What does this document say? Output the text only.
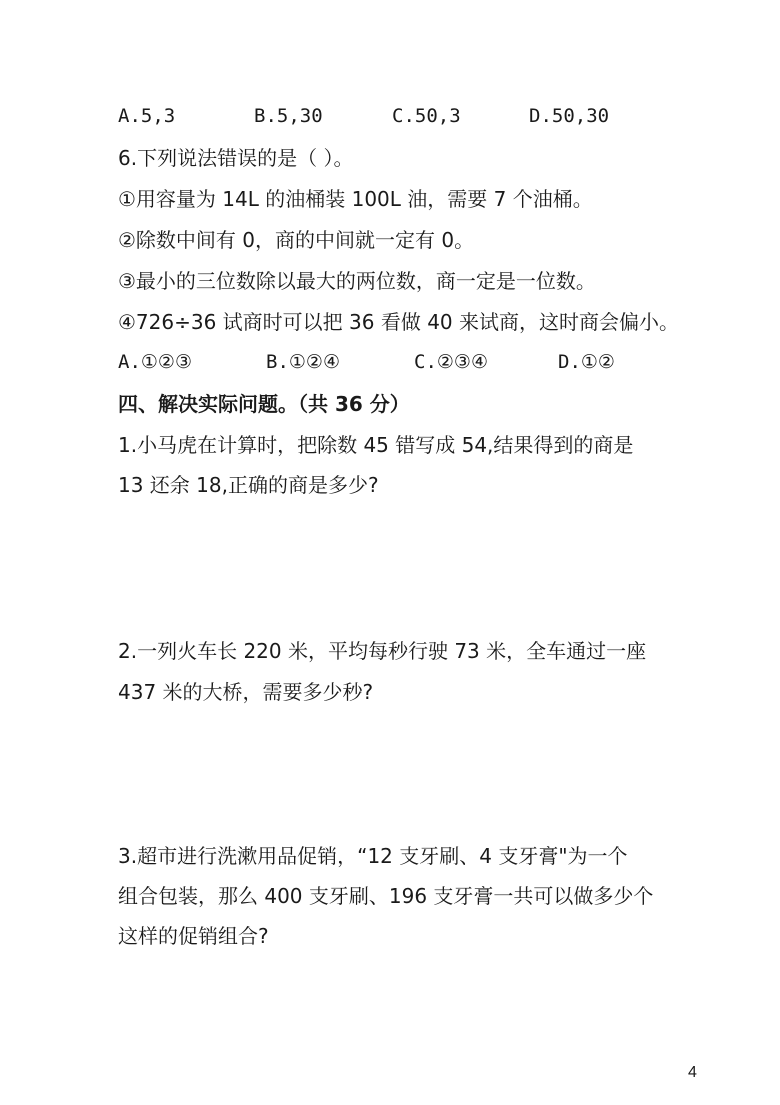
A.5,3	B.5,30	C.50,3	D.50,30
6.下列说法错误的是（ ）。
①用容量为 14L 的油桶装 100L 油，需要 7 个油桶。
②除数中间有 0，商的中间就一定有 0。
③最小的三位数除以最大的两位数，商一定是一位数。
④726÷36 试商时可以把 36 看做 40 来试商，这时商会偏小。
A.①②③	B.①②④	C.②③④	D.①②
四、解决实际问题。（共 36 分）
1.小马虎在计算时，把除数 45 错写成 54,结果得到的商是
13 还余 18,正确的商是多少?
2.一列火车长 220 米，平均每秒行驶 73 米，全车通过一座
437 米的大桥，需要多少秒?
3.超市进行洗漱用品促销，“12 支牙刷、4 支牙膏"为一个
组合包装，那么 400 支牙刷、196 支牙膏一共可以做多少个
这样的促销组合?
4
